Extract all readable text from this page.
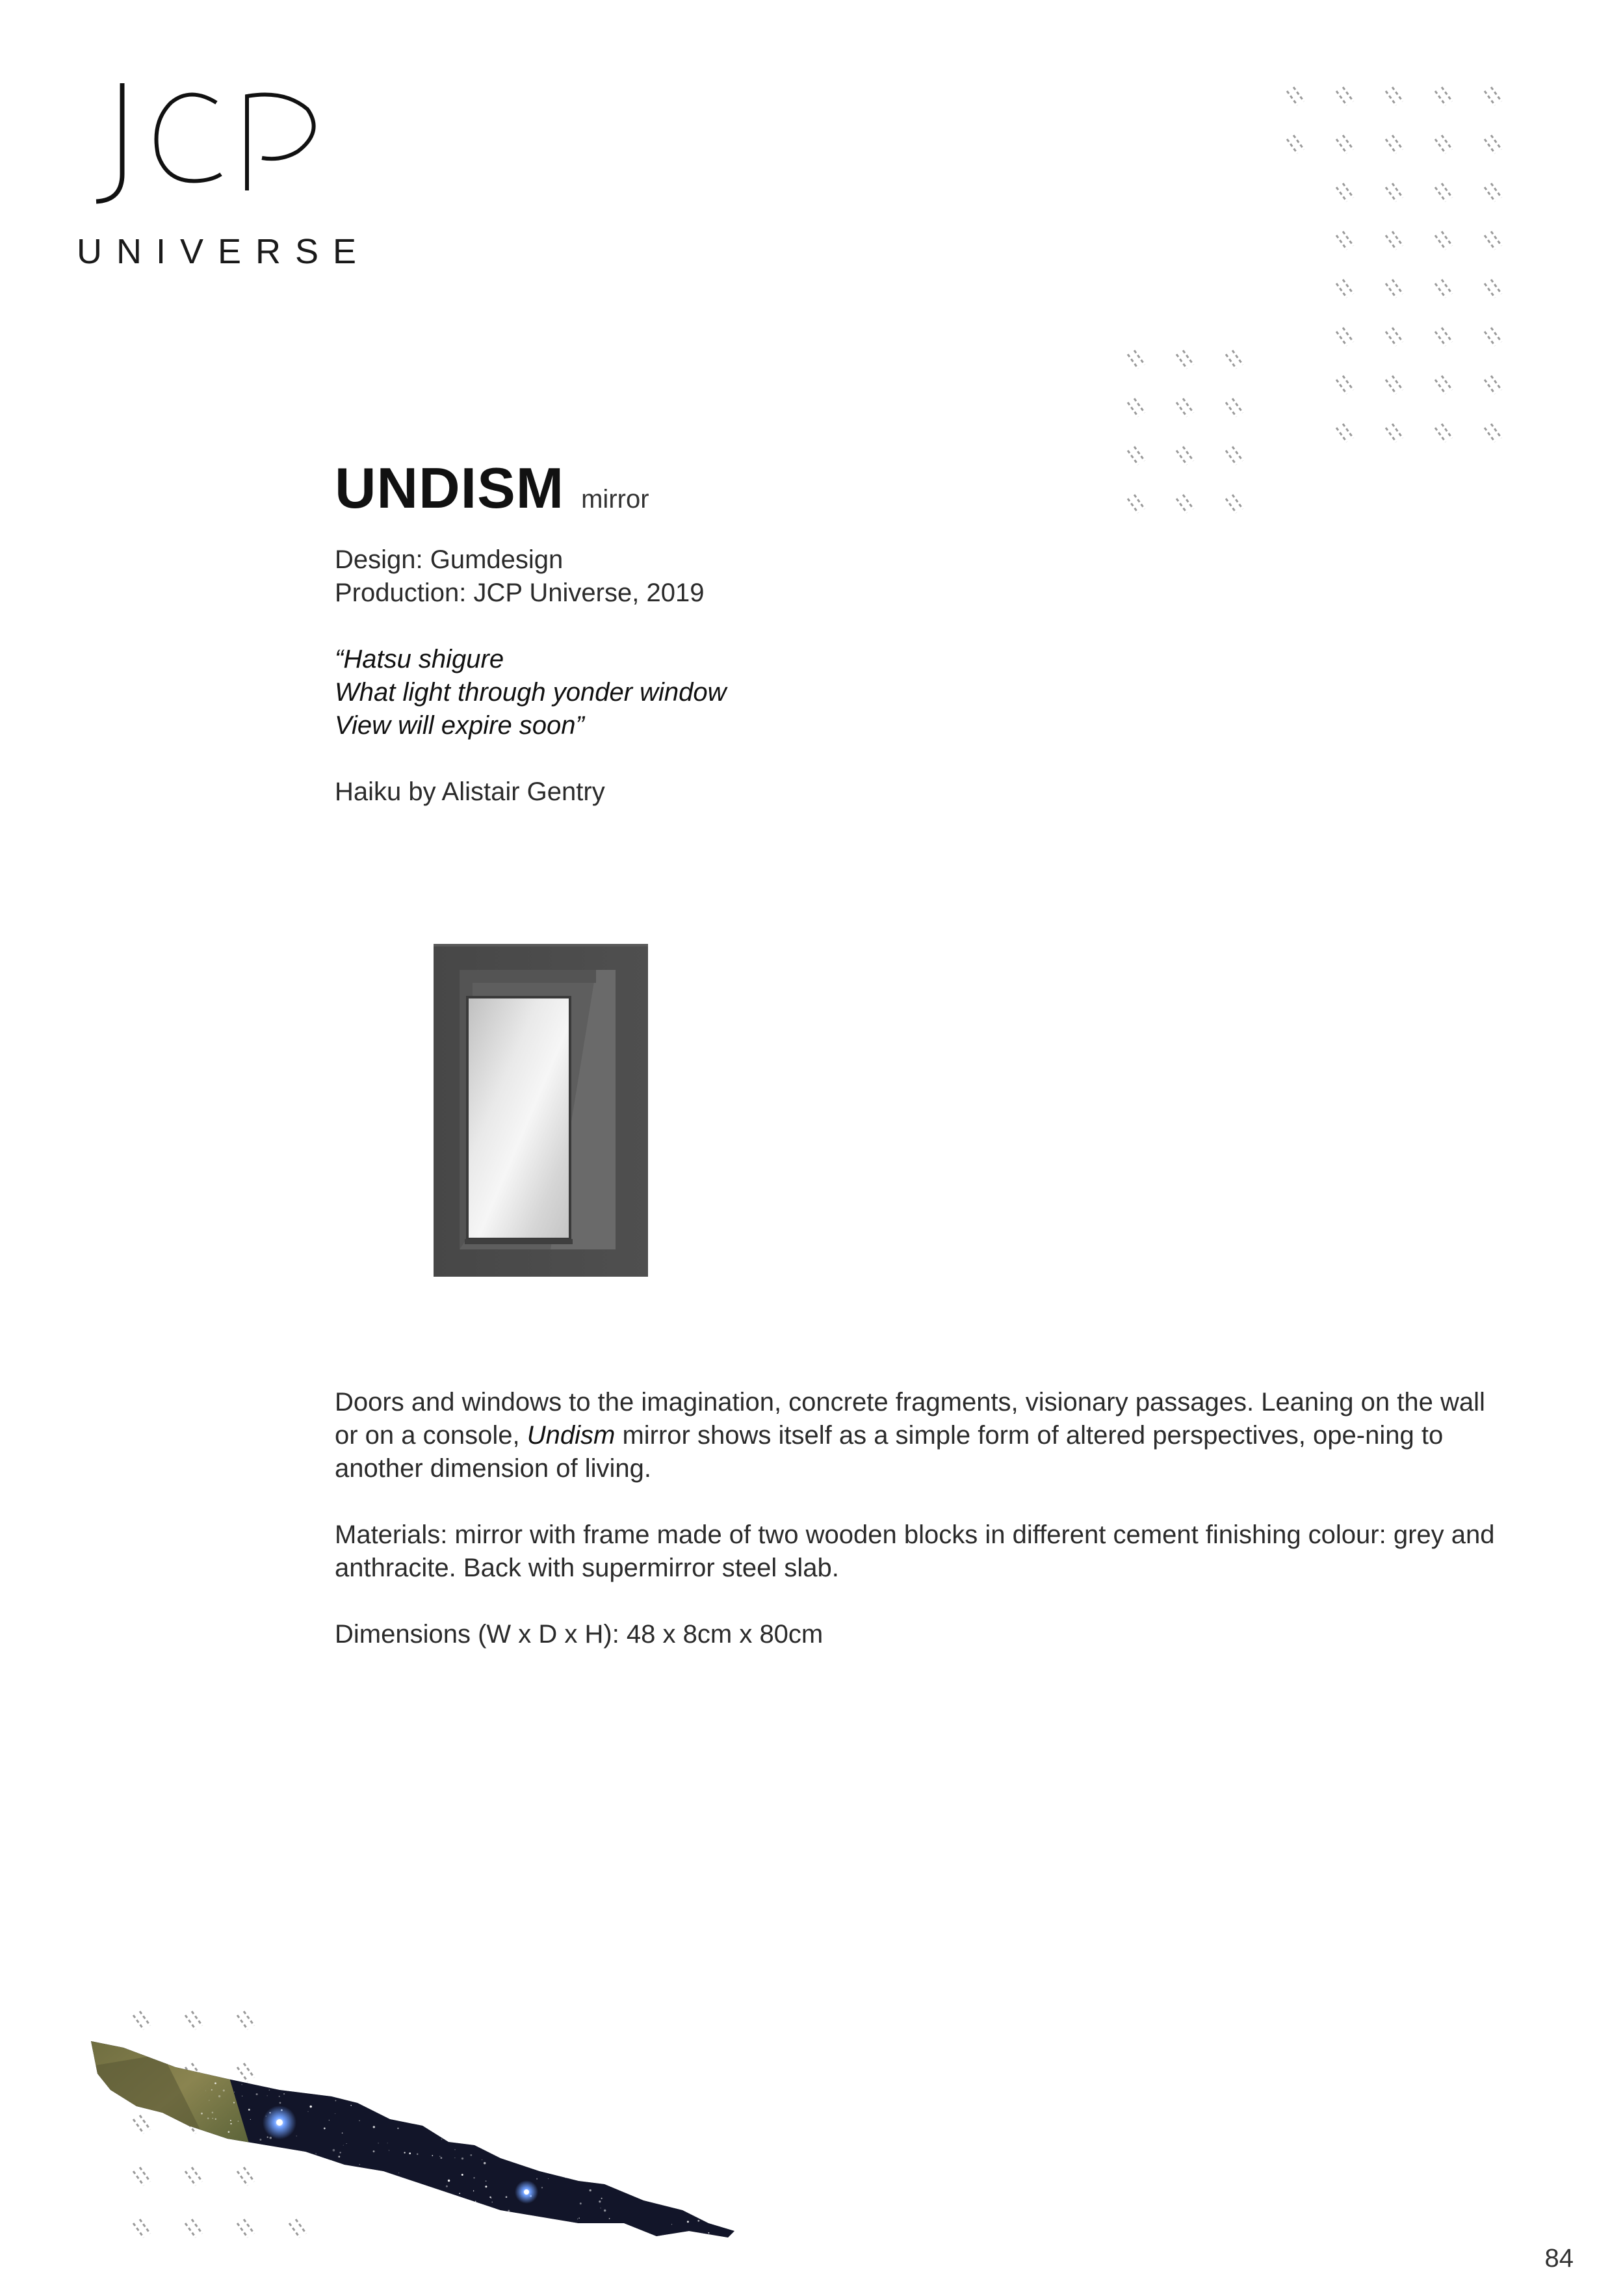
UNIVERSE
UNDISM mirror

Design: Gumdesign

Production: JCP Universe, 2019

“Hatsu shigure

What light through yonder window

View will expire soon”

Haiku by Alistair Gentry

Doors and windows to the imagination, concrete fragments, visionary passages. Leaning on the wall or on a console, Undism mirror shows itself as a simple form of altered perspectives, ope-ning to another dimension of living.

Materials: mirror with frame made of two wooden blocks in different cement finishing colour: grey and anthracite. Back with supermirror steel slab.

Dimensions (W x D x H): 48 x 8cm x 80cm

84
